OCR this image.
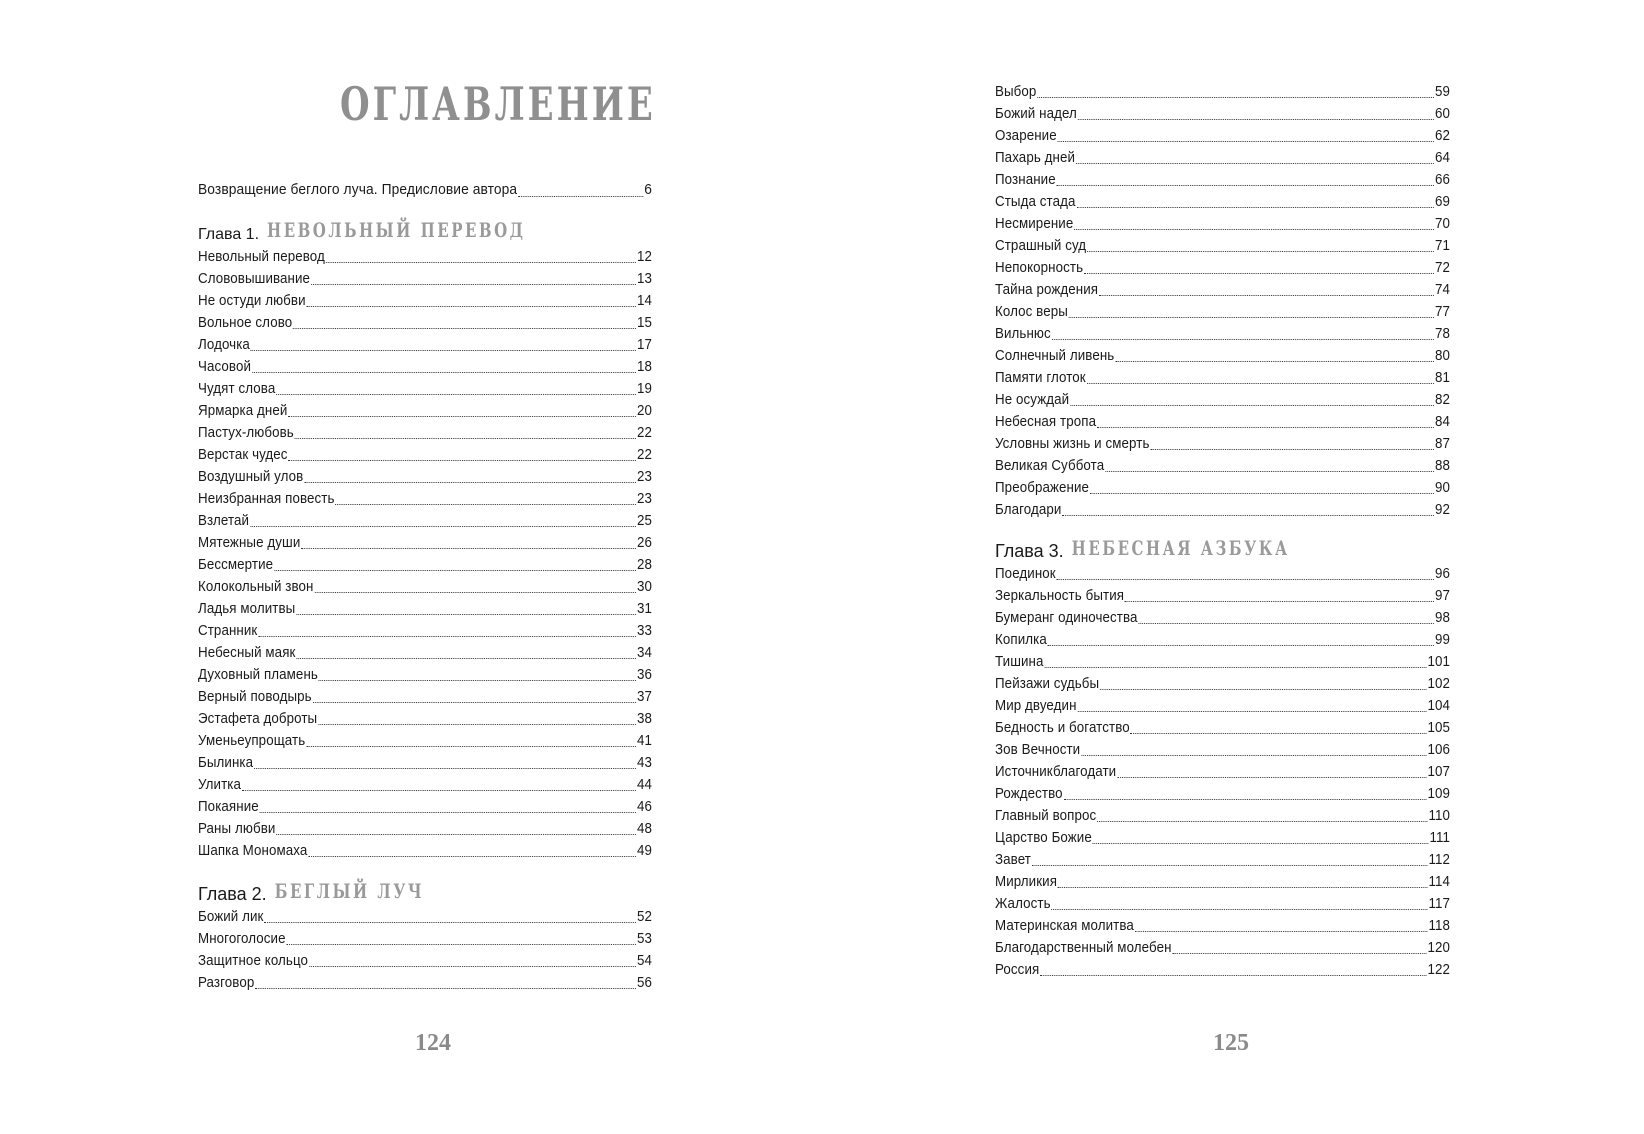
ОГЛАВЛЕНИЕ
Возвращение беглого луча. Предисловие автора	6
Глава 1. НЕВОЛЬНЫЙ ПЕРЕВОД
Невольный перевод	12
Слововышивание	13
Не остуди любви	14
Вольное слово	15
Лодочка	17
Часовой	18
Чудят слова	19
Ярмарка дней	20
Пастух-любовь	22
Верстак чудес	22
Воздушный улов	23
Неизбранная повесть	23
Взлетай	25
Мятежные души	26
Бессмертие	28
Колокольный звон	30
Ладья молитвы	31
Странник	33
Небесный маяк	34
Духовный пламень	36
Верный поводырь	37
Эстафета доброты	38
Уменьеупрощать	41
Былинка	43
Улитка	44
Покаяние	46
Раны любви	48
Шапка Мономаха	49
Глава 2. БЕГЛЫЙ ЛУЧ
Божий лик	52
Многоголосие	53
Защитное кольцо	54
Разговор	56
124
Выбор	59
Божий надел	60
Озарение	62
Пахарь дней	64
Познание	66
Стыда стада	69
Несмирение	70
Страшный суд	71
Непокорность	72
Тайна рождения	74
Колос веры	77
Вильнюс	78
Солнечный ливень	80
Памяти глоток	81
Не осуждай	82
Небесная тропа	84
Условны жизнь и смерть	87
Великая Суббота	88
Преображение	90
Благодари	92
Глава 3. НЕБЕСНАЯ АЗБУКА
Поединок	96
Зеркальность бытия	97
Бумеранг одиночества	98
Копилка	99
Тишина	101
Пейзажи судьбы	102
Мир двуедин	104
Бедность и богатство	105
Зов Вечности	106
Источникблагодати	107
Рождество	109
Главный вопрос	110
Царство Божие	111
Завет	112
Мирликия	114
Жалость	117
Материнская молитва	118
Благодарственный молебен	120
Россия	122
125
